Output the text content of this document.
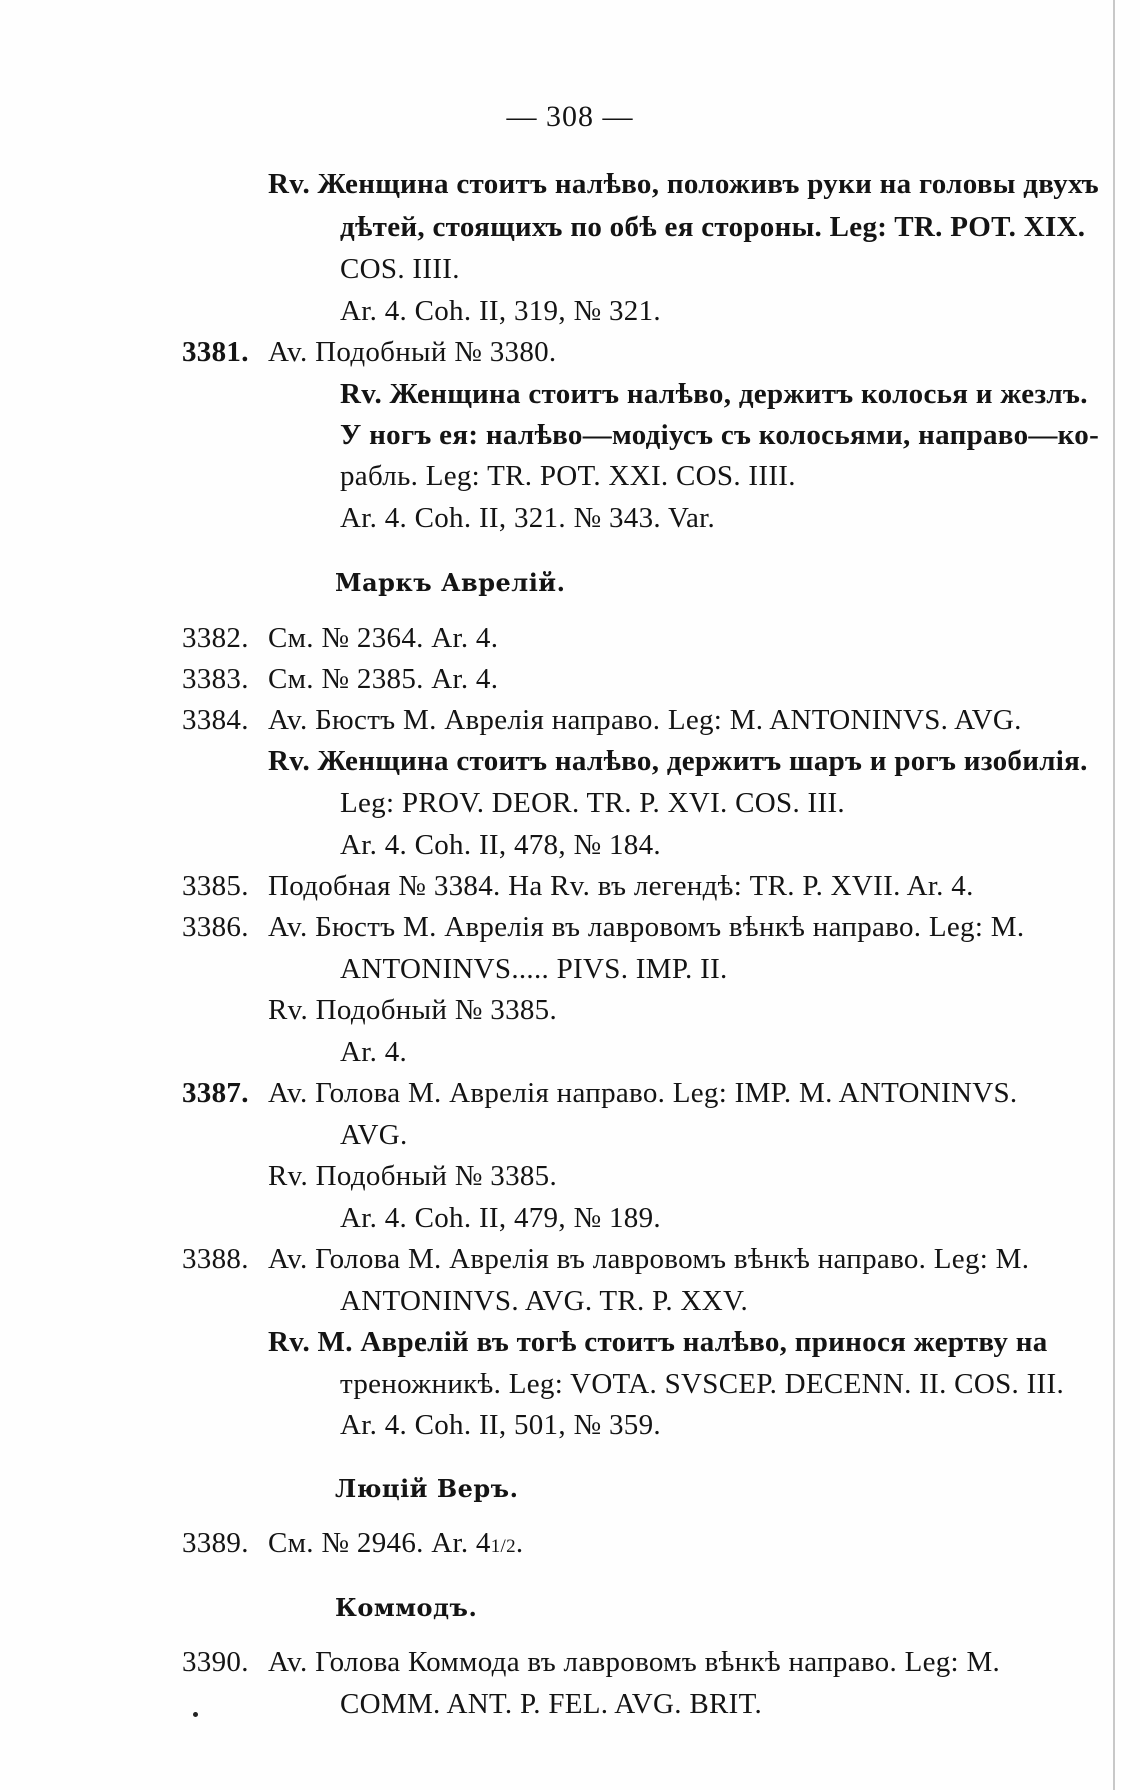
— 308 —
Rv. Женщина стоитъ налѣво, положивъ руки на головы двухъ
дѣтей, стоящихъ по обѣ ея стороны. Leg: TR. POT. XIX.
COS. IIII.
Ar. 4. Coh. II, 319, № 321.
3381. Av. Подобный № 3380.
Rv. Женщина стоитъ налѣво, держитъ колосья и жезлъ.
У ногъ ея: налѣво—модіусъ съ колосьями, направо—ко-
рабль. Leg: TR. POT. XXI. COS. IIII.
Ar. 4. Coh. II, 321. № 343. Var.
Маркъ Аврелій.
3382. См. № 2364. Ar. 4.
3383. См. № 2385. Ar. 4.
3384. Av. Бюстъ М. Аврелія направо. Leg: M. ANTONINVS. AVG.
Rv. Женщина стоитъ налѣво, держитъ шаръ и рогъ изобилія.
Leg: PROV. DEOR. TR. P. XVI. COS. III.
Ar. 4. Coh. II, 478, № 184.
3385. Подобная № 3384. На Rv. въ легендѣ: TR. P. XVII. Ar. 4.
3386. Av. Бюстъ М. Аврелія въ лавровомъ вѣнкѣ направо. Leg: M.
ANTONINVS..... PIVS. IMP. II.
Rv. Подобный № 3385.
Ar. 4.
3387. Av. Голова М. Аврелія направо. Leg: IMP. M. ANTONINVS.
AVG.
Rv. Подобный № 3385.
Ar. 4. Coh. II, 479, № 189.
3388. Av. Голова М. Аврелія въ лавровомъ вѣнкѣ направо. Leg: M.
ANTONINVS. AVG. TR. P. XXV.
Rv. М. Аврелій въ тогѣ стоитъ налѣво, принося жертву на
треножникѣ. Leg: VOTA. SVSCEP. DECENN. II. COS. III.
Ar. 4. Coh. II, 501, № 359.
Люцій Веръ.
3389. См. № 2946. Ar. 41/2.
Коммодъ.
3390. Av. Голова Коммода въ лавровомъ вѣнкѣ направо. Leg: M.
COMM. ANT. P. FEL. AVG. BRIT.
